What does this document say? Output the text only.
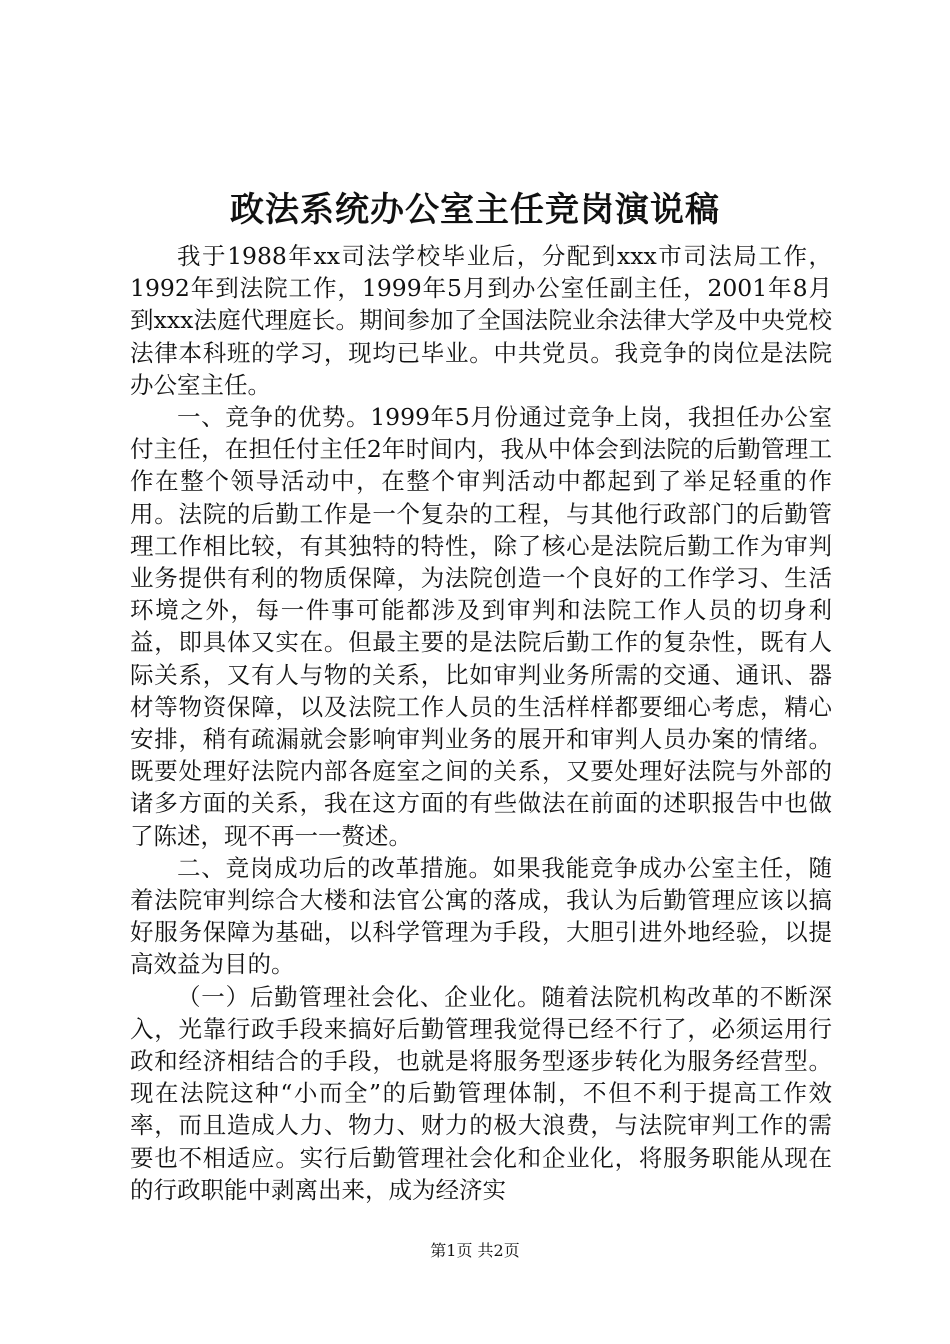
政法系统办公室主任竞岗演说稿

我于1988年xx司法学校毕业后，分配到xxx市司法局工作，1992年到法院工作，1999年5月到办公室任副主任，2001年8月到xxx法庭代理庭长。期间参加了全国法院业余法律大学及中央党校法律本科班的学习，现均已毕业。中共党员。我竞争的岗位是法院办公室主任。

一、竞争的优势。1999年5月份通过竞争上岗，我担任办公室付主任，在担任付主任2年时间内，我从中体会到法院的后勤管理工作在整个领导活动中，在整个审判活动中都起到了举足轻重的作用。法院的后勤工作是一个复杂的工程，与其他行政部门的后勤管理工作相比较，有其独特的特性，除了核心是法院后勤工作为审判业务提供有利的物质保障，为法院创造一个良好的工作学习、生活环境之外，每一件事可能都涉及到审判和法院工作人员的切身利益，即具体又实在。但最主要的是法院后勤工作的复杂性，既有人际关系，又有人与物的关系，比如审判业务所需的交通、通讯、器材等物资保障，以及法院工作人员的生活样样都要细心考虑，精心安排，稍有疏漏就会影响审判业务的展开和审判人员办案的情绪。既要处理好法院内部各庭室之间的关系，又要处理好法院与外部的诸多方面的关系，我在这方面的有些做法在前面的述职报告中也做了陈述，现不再一一赘述。

二、竞岗成功后的改革措施。如果我能竞争成办公室主任，随着法院审判综合大楼和法官公寓的落成，我认为后勤管理应该以搞好服务保障为基础，以科学管理为手段，大胆引进外地经验，以提高效益为目的。

（一）后勤管理社会化、企业化。随着法院机构改革的不断深入，光靠行政手段来搞好后勤管理我觉得已经不行了，必须运用行政和经济相结合的手段，也就是将服务型逐步转化为服务经营型。现在法院这种“小而全”的后勤管理体制，不但不利于提高工作效率，而且造成人力、物力、财力的极大浪费，与法院审判工作的需要也不相适应。实行后勤管理社会化和企业化，将服务职能从现在的行政职能中剥离出来，成为经济实

第1页 共2页
